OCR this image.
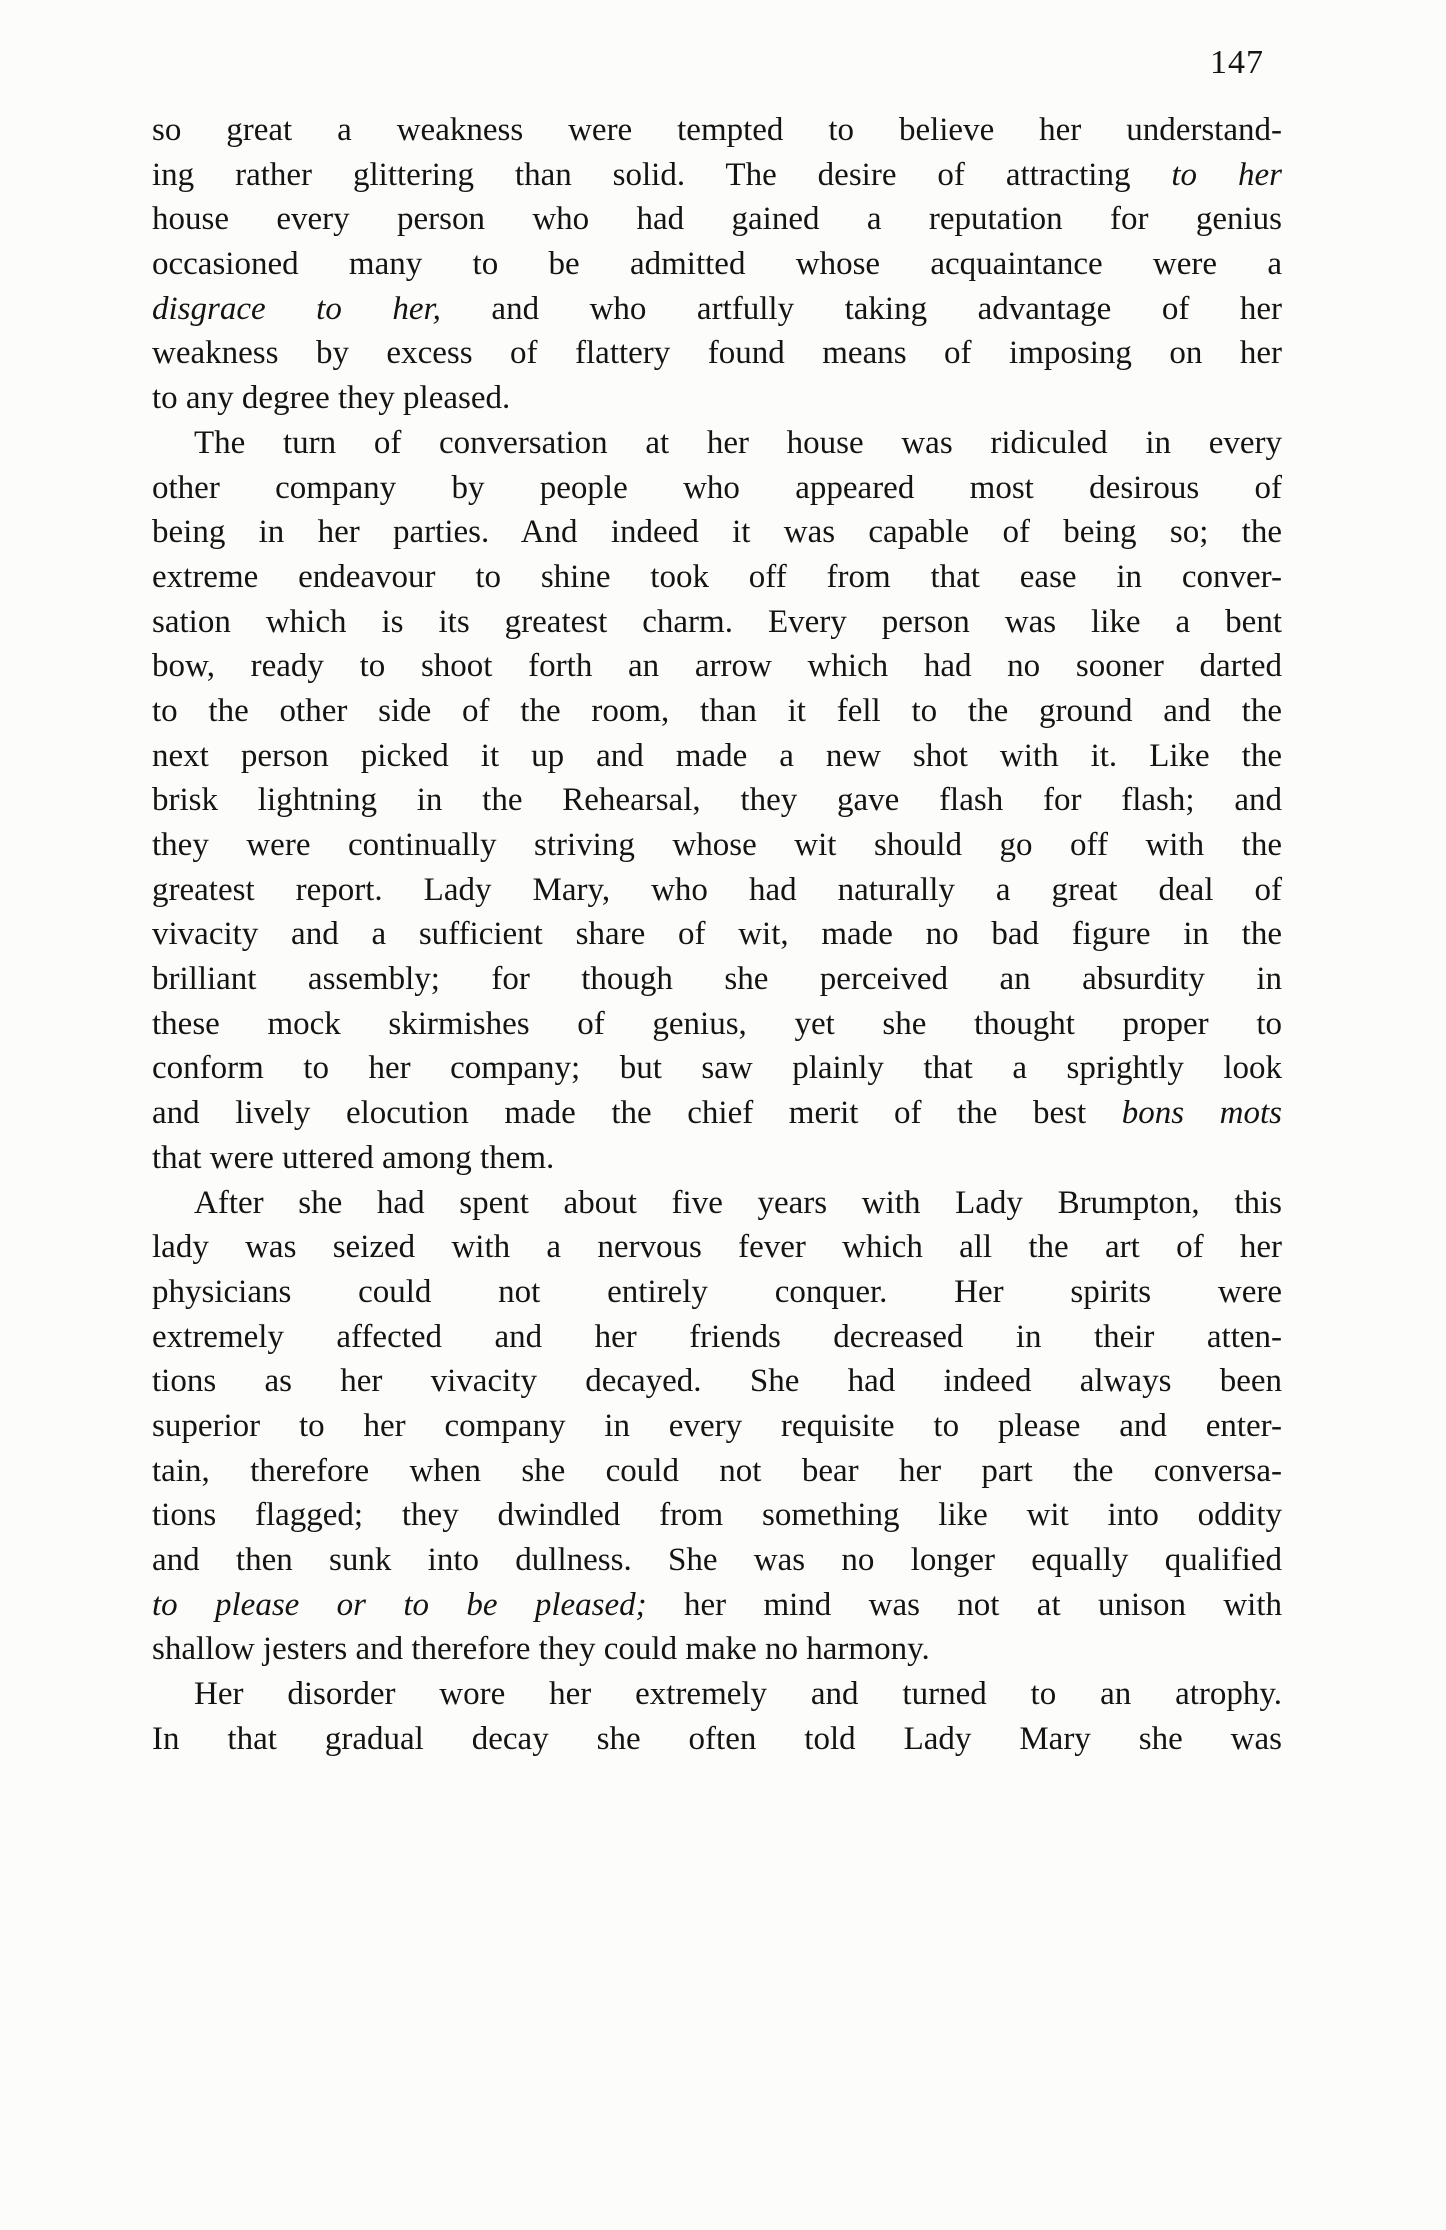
147
so great a weakness were tempted to believe her understand-
ing rather glittering than solid. The desire of attracting to her
house every person who had gained a reputation for genius
occasioned many to be admitted whose acquaintance were a
disgrace to her, and who artfully taking advantage of her
weakness by excess of flattery found means of imposing on her
to any degree they pleased.
The turn of conversation at her house was ridiculed in every
other company by people who appeared most desirous of
being in her parties. And indeed it was capable of being so; the
extreme endeavour to shine took off from that ease in conver-
sation which is its greatest charm. Every person was like a bent
bow, ready to shoot forth an arrow which had no sooner darted
to the other side of the room, than it fell to the ground and the
next person picked it up and made a new shot with it. Like the
brisk lightning in the Rehearsal, they gave flash for flash; and
they were continually striving whose wit should go off with the
greatest report. Lady Mary, who had naturally a great deal of
vivacity and a sufficient share of wit, made no bad figure in the
brilliant assembly; for though she perceived an absurdity in
these mock skirmishes of genius, yet she thought proper to
conform to her company; but saw plainly that a sprightly look
and lively elocution made the chief merit of the best bons mots
that were uttered among them.
After she had spent about five years with Lady Brumpton, this
lady was seized with a nervous fever which all the art of her
physicians could not entirely conquer. Her spirits were
extremely affected and her friends decreased in their atten-
tions as her vivacity decayed. She had indeed always been
superior to her company in every requisite to please and enter-
tain, therefore when she could not bear her part the conversa-
tions flagged; they dwindled from something like wit into oddity
and then sunk into dullness. She was no longer equally qualified
to please or to be pleased; her mind was not at unison with
shallow jesters and therefore they could make no harmony.
Her disorder wore her extremely and turned to an atrophy.
In that gradual decay she often told Lady Mary she was
